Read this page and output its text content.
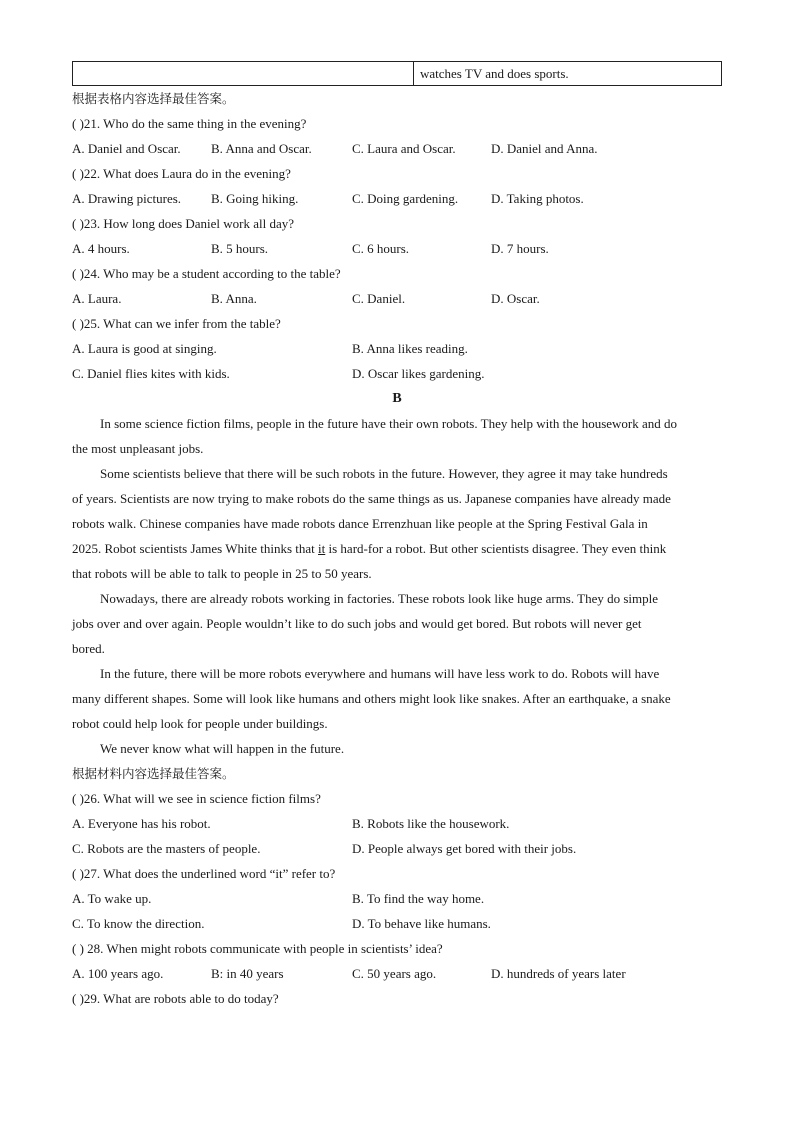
watches TV and does sports.
根据表格内容选择最佳答案。
( )21. Who do the same thing in the evening?
A. Daniel and Oscar. B. Anna and Oscar.	C. Laura and Oscar.	D. Daniel and Anna.
( )22. What does Laura do in the evening?
A. Drawing pictures. B. Going hiking.	C. Doing gardening.	D. Taking photos.
( )23. How long does Daniel work all day?
A. 4 hours.	B. 5 hours.	C. 6 hours.	D. 7 hours.
( )24. Who may be a student according to the table?
A. Laura.	B. Anna.	C. Daniel.	D. Oscar.
( )25. What can we infer from the table?
A. Laura is good at singing.	B. Anna likes reading.
C. Daniel flies kites with kids.	D. Oscar likes gardening.
B
In some science fiction films, people in the future have their own robots. They help with the housework and do
the most unpleasant jobs.
Some scientists believe that there will be such robots in the future. However, they agree it may take hundreds
of years. Scientists are now trying to make robots do the same things as us. Japanese companies have already made
robots walk. Chinese companies have made robots dance Errenzhuan like people at the Spring Festival Gala in
2025. Robot scientists James White thinks that it is hard-for a robot. But other scientists disagree. They even think
that robots will be able to talk to people in 25 to 50 years.
Nowadays, there are already robots working in factories. These robots look like huge arms. They do simple
jobs over and over again. People wouldn’t like to do such jobs and would get bored. But robots will never get
bored.
In the future, there will be more robots everywhere and humans will have less work to do. Robots will have
many different shapes. Some will look like humans and others might look like snakes. After an earthquake, a snake
robot could help look for people under buildings.
We never know what will happen in the future.
根据材料内容选择最佳答案。
( )26. What will we see in science fiction films?
A. Everyone has his robot.	B. Robots like the housework.
C. Robots are the masters of people.	D. People always get bored with their jobs.
( )27. What does the underlined word “it” refer to?
A. To wake up.	B. To find the way home.
C. To know the direction.	D. To behave like humans.
( ) 28. When might robots communicate with people in scientists’ idea?
A. 100 years ago.	B: in 40 years	C. 50 years ago.	D. hundreds of years later
( )29. What are robots able to do today?
